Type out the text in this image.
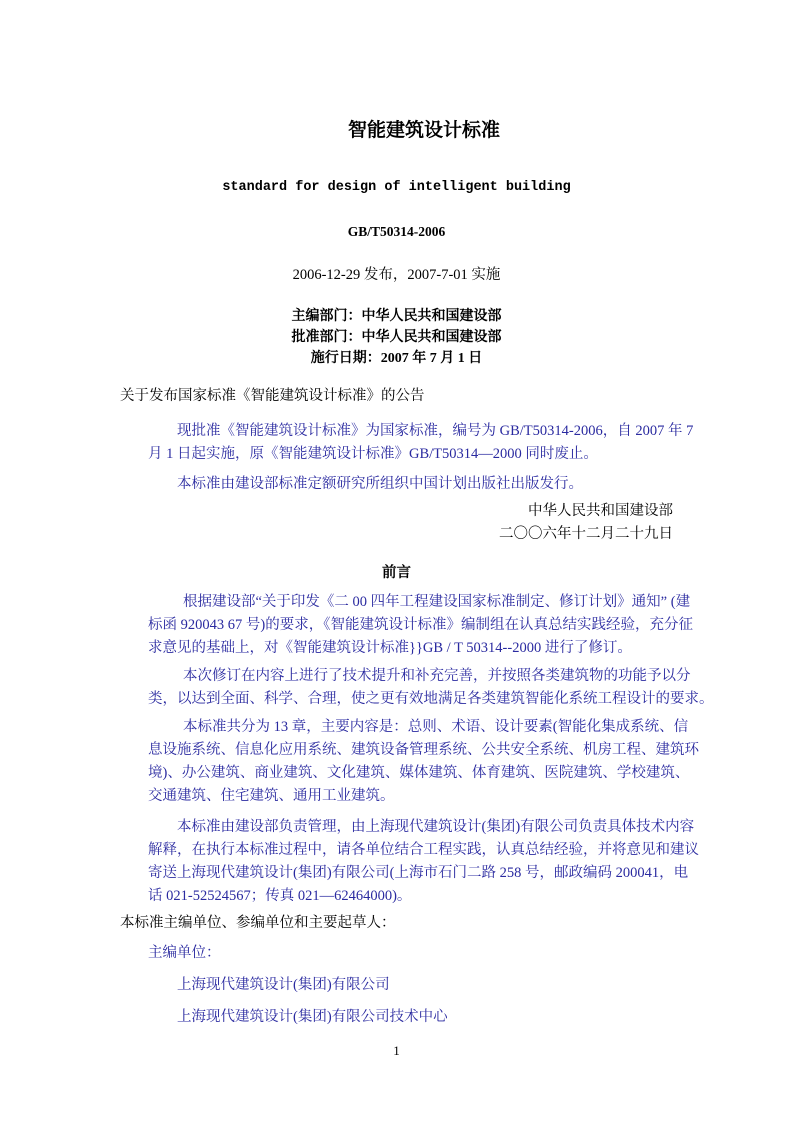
智能建筑设计标准
standard for design of intelligent building
GB/T50314-2006
2006-12-29 发布，2007-7-01 实施
主编部门：中华人民共和国建设部
批准部门：中华人民共和国建设部
施行日期：2007 年 7 月 1 日
关于发布国家标准《智能建筑设计标准》的公告
现批准《智能建筑设计标准》为国家标准，编号为 GB/T50314-2006，自 2007 年 7
月 1 日起实施，原《智能建筑设计标准》GB/T50314—2000 同时废止。
本标准由建设部标准定额研究所组织中国计划出版社出版发行。
中华人民共和国建设部
二〇〇六年十二月二十九日
前言
根据建设部“关于印发《二 00 四年工程建设国家标准制定、修订计划》通知” (建
标函 920043 67 号)的要求，《智能建筑设计标准》编制组在认真总结实践经验，充分征
求意见的基础上，对《智能建筑设计标准}}GB / T 50314--2000 进行了修订。
本次修订在内容上进行了技术提升和补充完善，并按照各类建筑物的功能予以分
类，以达到全面、科学、合理，使之更有效地满足各类建筑智能化系统工程设计的要求。
本标准共分为 13 章，主要内容是：总则、术语、设计要素(智能化集成系统、信
息设施系统、信息化应用系统、建筑设备管理系统、公共安全系统、机房工程、建筑环
境)、办公建筑、商业建筑、文化建筑、媒体建筑、体育建筑、医院建筑、学校建筑、
交通建筑、住宅建筑、通用工业建筑。
本标准由建设部负责管理，由上海现代建筑设计(集团)有限公司负责具体技术内容
解释，在执行本标准过程中，请各单位结合工程实践，认真总结经验，并将意见和建议
寄送上海现代建筑设计(集团)有限公司(上海市石门二路 258 号，邮政编码 200041，电
话 021-52524567；传真 021—62464000)。
本标准主编单位、参编单位和主要起草人：
主编单位：
上海现代建筑设计(集团)有限公司
上海现代建筑设计(集团)有限公司技术中心
1
